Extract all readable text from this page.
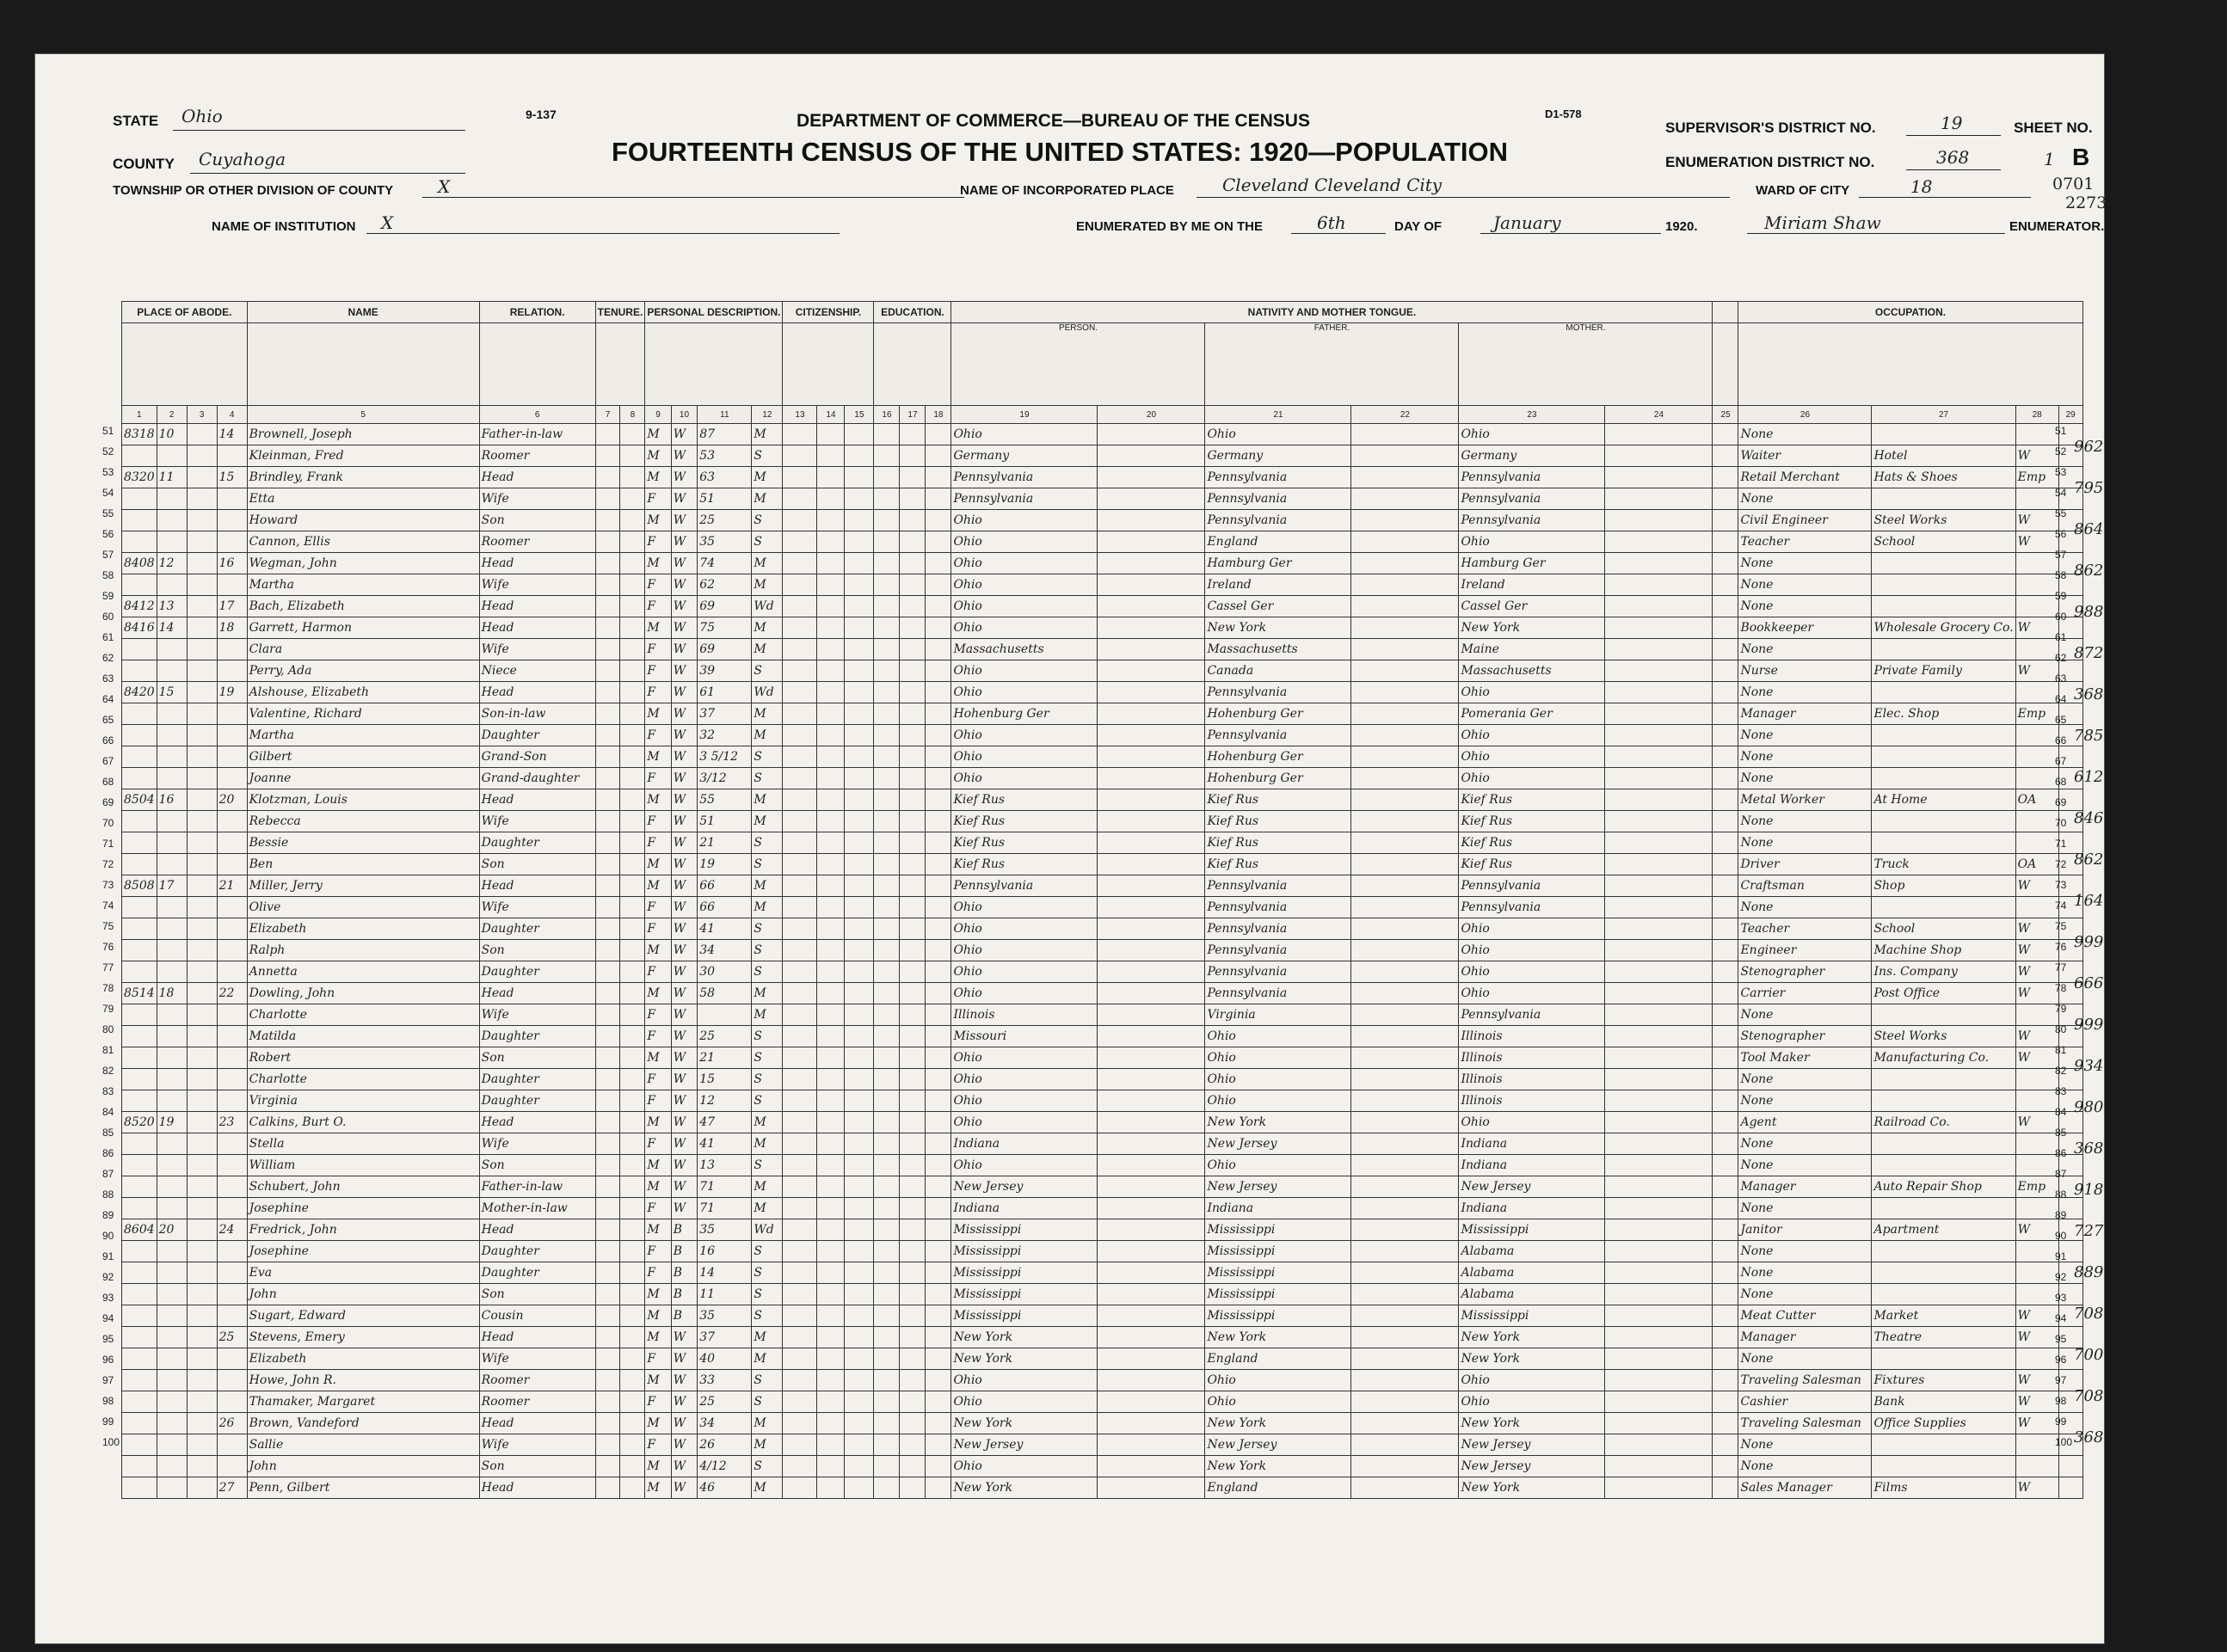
STATE Ohio
COUNTY Cuyahoga
9-137	DEPARTMENT OF COMMERCE—BUREAU OF THE CENSUS	D1-578
FOURTEENTH CENSUS OF THE UNITED STATES: 1920—POPULATION
SUPERVISOR'S DISTRICT NO.	19	SHEET NO.
ENUMERATION DISTRICT NO.	368	1 B
0701
2273
TOWNSHIP OR OTHER DIVISION OF COUNTY	X	NAME OF INCORPORATED PLACE	Cleveland Cleveland City	WARD OF CITY	18
NAME OF INSTITUTION X	ENUMERATED BY ME ON THE	6th	DAY OF	January	1920.	Miriam Shaw	ENUMERATOR.
PLACE OF ABODE.				NAME	RELATION.	TENURE.		PERSONAL DESCRIPTION.				CITIZENSHIP.			EDUCATION.			NATIVITY AND MOTHER TONGUE.							OCCUPATION.			
																		PERSON.		FATHER.		MOTHER.						
1	2	3	4	5	6	7	8	9	10	11	12	13	14	15	16	17	18	19	20	21	22	23	24	25	26	27	28	29
8318	10		14	Brownell, Joseph	Father-in-law			M	W	87	M							Ohio		Ohio		Ohio			None			
				Kleinman, Fred	Roomer			M	W	53	S							Germany		Germany		Germany			Waiter	Hotel	W	
8320	11		15	Brindley, Frank	Head			M	W	63	M							Pennsylvania		Pennsylvania		Pennsylvania			Retail Merchant	Hats & Shoes	Emp	
				Etta	Wife			F	W	51	M							Pennsylvania		Pennsylvania		Pennsylvania			None			
				Howard	Son			M	W	25	S							Ohio		Pennsylvania		Pennsylvania			Civil Engineer	Steel Works	W	
				Cannon, Ellis	Roomer			F	W	35	S							Ohio		England		Ohio			Teacher	School	W	
8408	12		16	Wegman, John	Head			M	W	74	M							Ohio		Hamburg Ger		Hamburg Ger			None			
				Martha	Wife			F	W	62	M							Ohio		Ireland		Ireland			None			
8412	13		17	Bach, Elizabeth	Head			F	W	69	Wd							Ohio		Cassel Ger		Cassel Ger			None			
8416	14		18	Garrett, Harmon	Head			M	W	75	M							Ohio		New York		New York			Bookkeeper	Wholesale Grocery Co.	W	
				Clara	Wife			F	W	69	M							Massachusetts		Massachusetts		Maine			None			
				Perry, Ada	Niece			F	W	39	S							Ohio		Canada		Massachusetts			Nurse	Private Family	W	
8420	15		19	Alshouse, Elizabeth	Head			F	W	61	Wd							Ohio		Pennsylvania		Ohio			None			
				Valentine, Richard	Son-in-law			M	W	37	M							Hohenburg Ger		Hohenburg Ger		Pomerania Ger			Manager	Elec. Shop	Emp	
				Martha	Daughter			F	W	32	M							Ohio		Pennsylvania		Ohio			None			
				Gilbert	Grand-Son			M	W	3 5/12	S							Ohio		Hohenburg Ger		Ohio			None			
				Joanne	Grand-daughter			F	W	3/12	S							Ohio		Hohenburg Ger		Ohio			None			
8504	16		20	Klotzman, Louis	Head			M	W	55	M							Kief Rus		Kief Rus		Kief Rus			Metal Worker	At Home	OA	
				Rebecca	Wife			F	W	51	M							Kief Rus		Kief Rus		Kief Rus			None			
				Bessie	Daughter			F	W	21	S							Kief Rus		Kief Rus		Kief Rus			None			
				Ben	Son			M	W	19	S							Kief Rus		Kief Rus		Kief Rus			Driver	Truck	OA	
8508	17		21	Miller, Jerry	Head			M	W	66	M							Pennsylvania		Pennsylvania		Pennsylvania			Craftsman	Shop	W	
				Olive	Wife			F	W	66	M							Ohio		Pennsylvania		Pennsylvania			None			
				Elizabeth	Daughter			F	W	41	S							Ohio		Pennsylvania		Ohio			Teacher	School	W	
				Ralph	Son			M	W	34	S							Ohio		Pennsylvania		Ohio			Engineer	Machine Shop	W	
				Annetta	Daughter			F	W	30	S							Ohio		Pennsylvania		Ohio			Stenographer	Ins. Company	W	
8514	18		22	Dowling, John	Head			M	W	58	M							Ohio		Pennsylvania		Ohio			Carrier	Post Office	W	
				Charlotte	Wife			F	W		M							Illinois		Virginia		Pennsylvania			None			
				Matilda	Daughter			F	W	25	S							Missouri		Ohio		Illinois			Stenographer	Steel Works	W	
				Robert	Son			M	W	21	S							Ohio		Ohio		Illinois			Tool Maker	Manufacturing Co.	W	
				Charlotte	Daughter			F	W	15	S							Ohio		Ohio		Illinois			None			
				Virginia	Daughter			F	W	12	S							Ohio		Ohio		Illinois			None			
8520	19		23	Calkins, Burt O.	Head			M	W	47	M							Ohio		New York		Ohio			Agent	Railroad Co.	W	
				Stella	Wife			F	W	41	M							Indiana		New Jersey		Indiana			None			
				William	Son			M	W	13	S							Ohio		Ohio		Indiana			None			
				Schubert, John	Father-in-law			M	W	71	M							New Jersey		New Jersey		New Jersey			Manager	Auto Repair Shop	Emp	
				Josephine	Mother-in-law			F	W	71	M							Indiana		Indiana		Indiana			None			
8604	20		24	Fredrick, John	Head			M	B	35	Wd							Mississippi		Mississippi		Mississippi			Janitor	Apartment	W	
				Josephine	Daughter			F	B	16	S							Mississippi		Mississippi		Alabama			None			
				Eva	Daughter			F	B	14	S							Mississippi		Mississippi		Alabama			None			
				John	Son			M	B	11	S							Mississippi		Mississippi		Alabama			None			
				Sugart, Edward	Cousin			M	B	35	S							Mississippi		Mississippi		Mississippi			Meat Cutter	Market	W	
			25	Stevens, Emery	Head			M	W	37	M							New York		New York		New York			Manager	Theatre	W	
				Elizabeth	Wife			F	W	40	M							New York		England		New York			None			
				Howe, John R.	Roomer			M	W	33	S							Ohio		Ohio		Ohio			Traveling Salesman	Fixtures	W	
				Thamaker, Margaret	Roomer			F	W	25	S							Ohio		Ohio		Ohio			Cashier	Bank	W	
			26	Brown, Vandeford	Head			M	W	34	M							New York		New York		New York			Traveling Salesman	Office Supplies	W	
				Sallie	Wife			F	W	26	M							New Jersey		New Jersey		New Jersey			None			
				John	Son			M	W	4/12	S							Ohio		New York		New Jersey			None			
			27	Penn, Gilbert	Head			M	W	46	M							New York		England		New York			Sales Manager	Films	W	
51	51
52	52
53	53
54	54
55	55
56	56
57	57
58	58
59	59
60	60
61	61
62	62
63	63
64	64
65	65
66	66
67	67
68	68
69	69
70	70
71	71
72	72
73	73
74	74
75	75
76	76
77	77
78	78
79	79
80	80
81	81
82	82
83	83
84	84
85	85
86	86
87	87
88	88
89	89
90	90
91	91
92	92
93	93
94	94
95	95
96	96
97	97
98	98
99	99
100	100
962
795
864
862
988
872
368
785
612
846
862
164
999
666
999
934
980
368
918
727
889
708
700
708
368
